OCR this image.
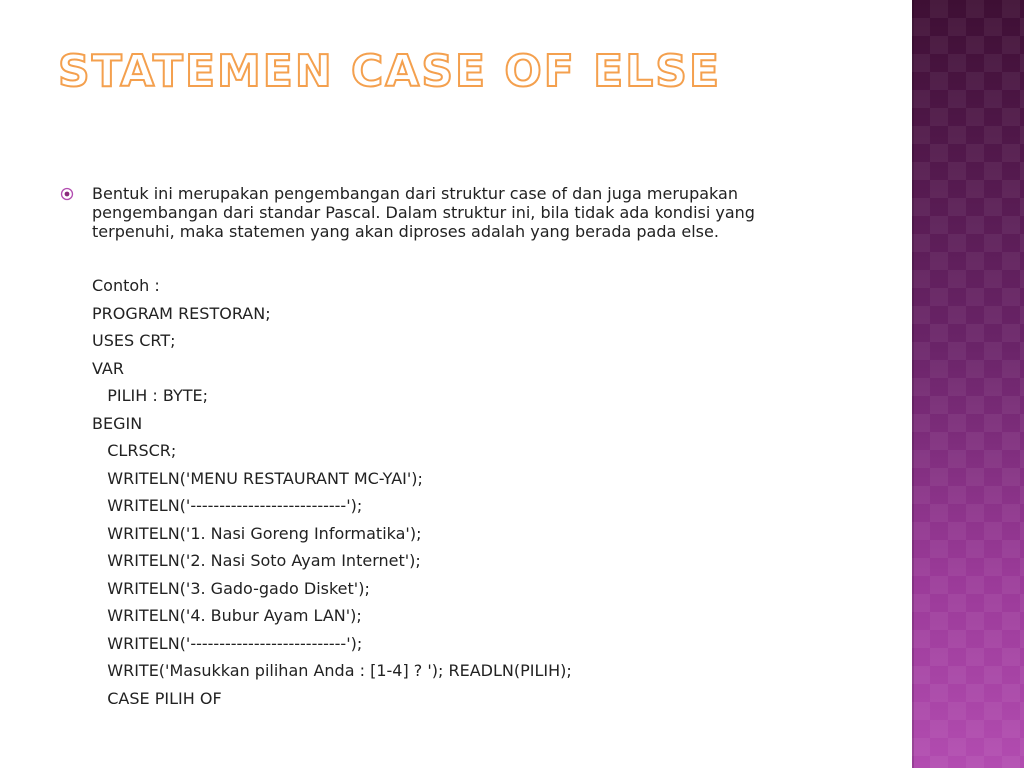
STATEMEN CASE OF ELSE

Bentuk ini merupakan pengembangan dari struktur case of dan juga merupakan pengembangan dari standar Pascal. Dalam struktur ini, bila tidak ada kondisi yang terpenuhi, maka statemen yang akan diproses adalah yang berada pada else.

Contoh :
PROGRAM RESTORAN;
USES CRT;
VAR
PILIH : BYTE;
BEGIN
CLRSCR;
WRITELN('MENU RESTAURANT MC-YAI');
WRITELN('---------------------------');
WRITELN('1. Nasi Goreng Informatika');
WRITELN('2. Nasi Soto Ayam Internet');
WRITELN('3. Gado-gado Disket');
WRITELN('4. Bubur Ayam LAN');
WRITELN('---------------------------');
WRITE('Masukkan pilihan Anda : [1-4] ? '); READLN(PILIH);
CASE PILIH OF
